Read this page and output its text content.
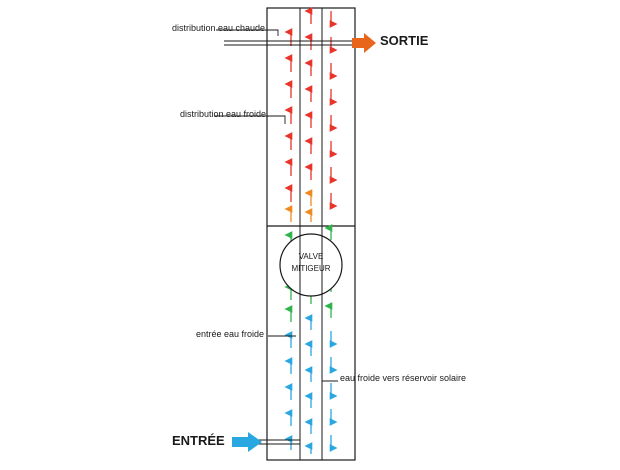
distribution eau chaude
distribution eau froide
entrée eau froide
eau froide vers réservoir solaire
SORTIE
ENTRÉE
VALVE
MITIGEUR
